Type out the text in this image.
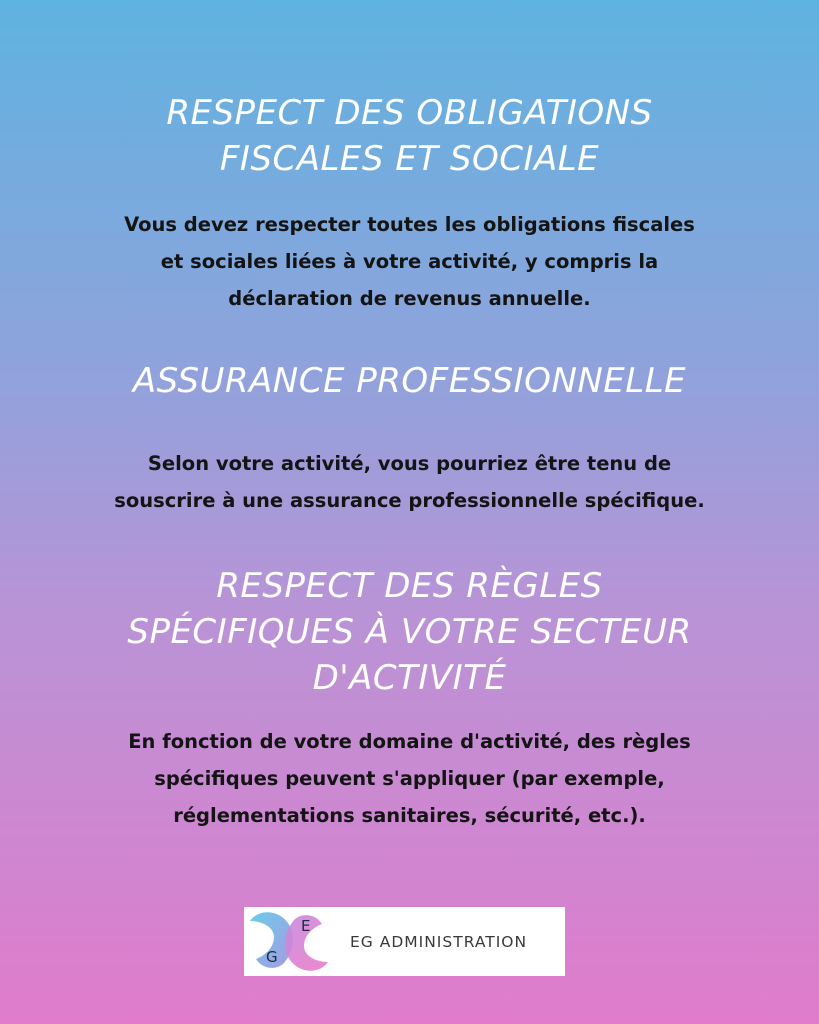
RESPECT DES OBLIGATIONS
FISCALES ET SOCIALE

Vous devez respecter toutes les obligations fiscales
et sociales liées à votre activité, y compris la
déclaration de revenus annuelle.

ASSURANCE PROFESSIONNELLE

Selon votre activité, vous pourriez être tenu de
souscrire à une assurance professionnelle spécifique.

RESPECT DES RÈGLES
SPÉCIFIQUES À VOTRE SECTEUR
D'ACTIVITÉ

En fonction de votre domaine d'activité, des règles
spécifiques peuvent s'appliquer (par exemple,
réglementations sanitaires, sécurité, etc.).

G
E
EG ADMINISTRATION
